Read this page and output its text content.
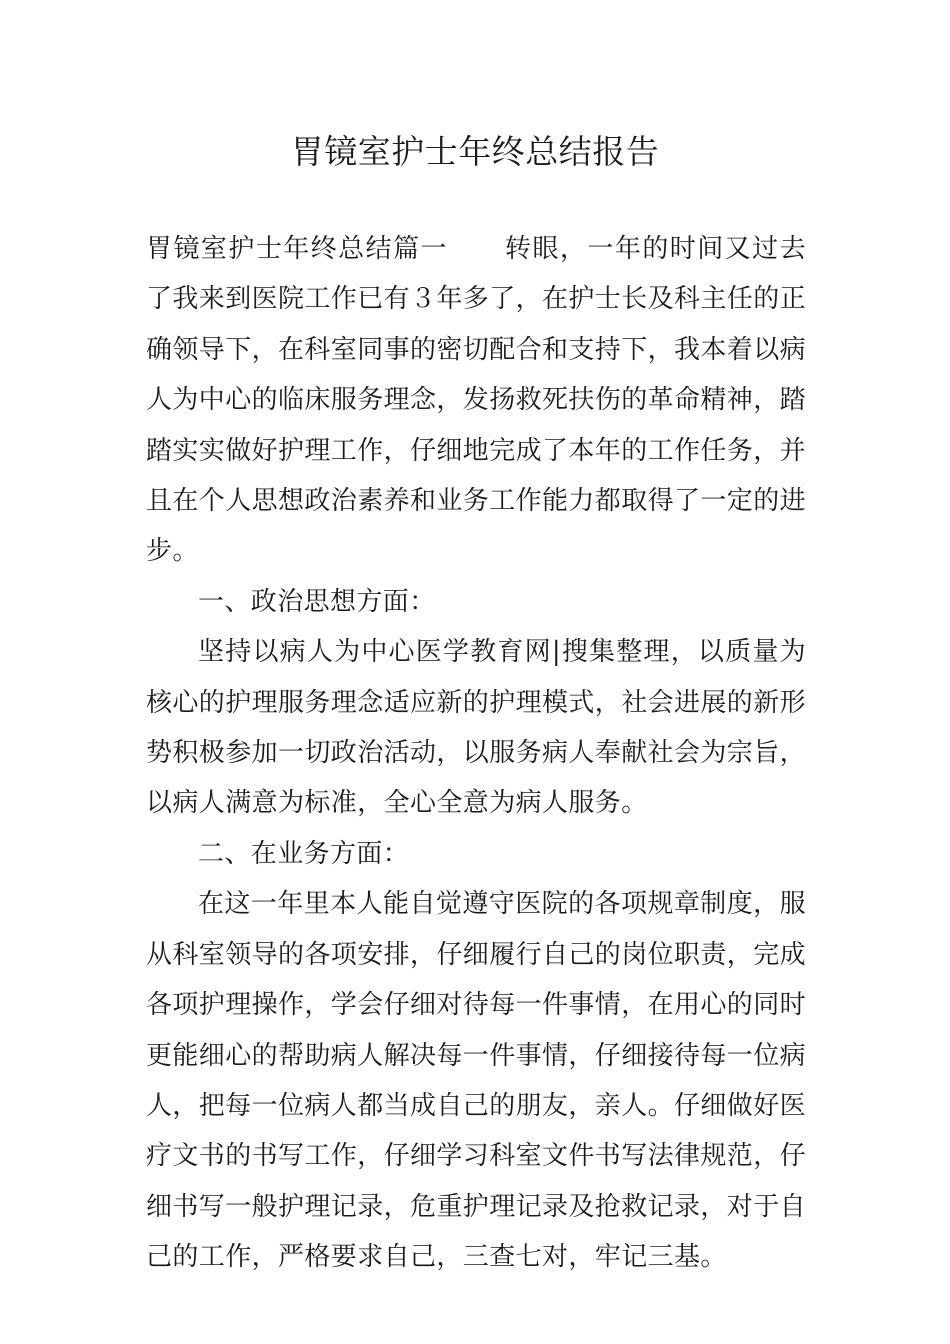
胃镜室护士年终总结报告

胃镜室护士年终总结篇一 转眼，一年的时间又过去了我来到医院工作已有３年多了，在护士长及科主任的正确领导下，在科室同事的密切配合和支持下，我本着以病人为中心的临床服务理念，发扬救死扶伤的革命精神，踏踏实实做好护理工作，仔细地完成了本年的工作任务，并且在个人思想政治素养和业务工作能力都取得了一定的进步。

一、政治思想方面：

坚持以病人为中心医学教育网|搜集整理，以质量为核心的护理服务理念适应新的护理模式，社会进展的新形势积极参加一切政治活动，以服务病人奉献社会为宗旨，以病人满意为标准，全心全意为病人服务。

二、在业务方面：

在这一年里本人能自觉遵守医院的各项规章制度，服从科室领导的各项安排，仔细履行自己的岗位职责，完成各项护理操作，学会仔细对待每一件事情，在用心的同时更能细心的帮助病人解决每一件事情，仔细接待每一位病人，把每一位病人都当成自己的朋友，亲人。仔细做好医疗文书的书写工作，仔细学习科室文件书写法律规范，仔细书写一般护理记录，危重护理记录及抢救记录，对于自己的工作，严格要求自己，三查七对，牢记三基。
